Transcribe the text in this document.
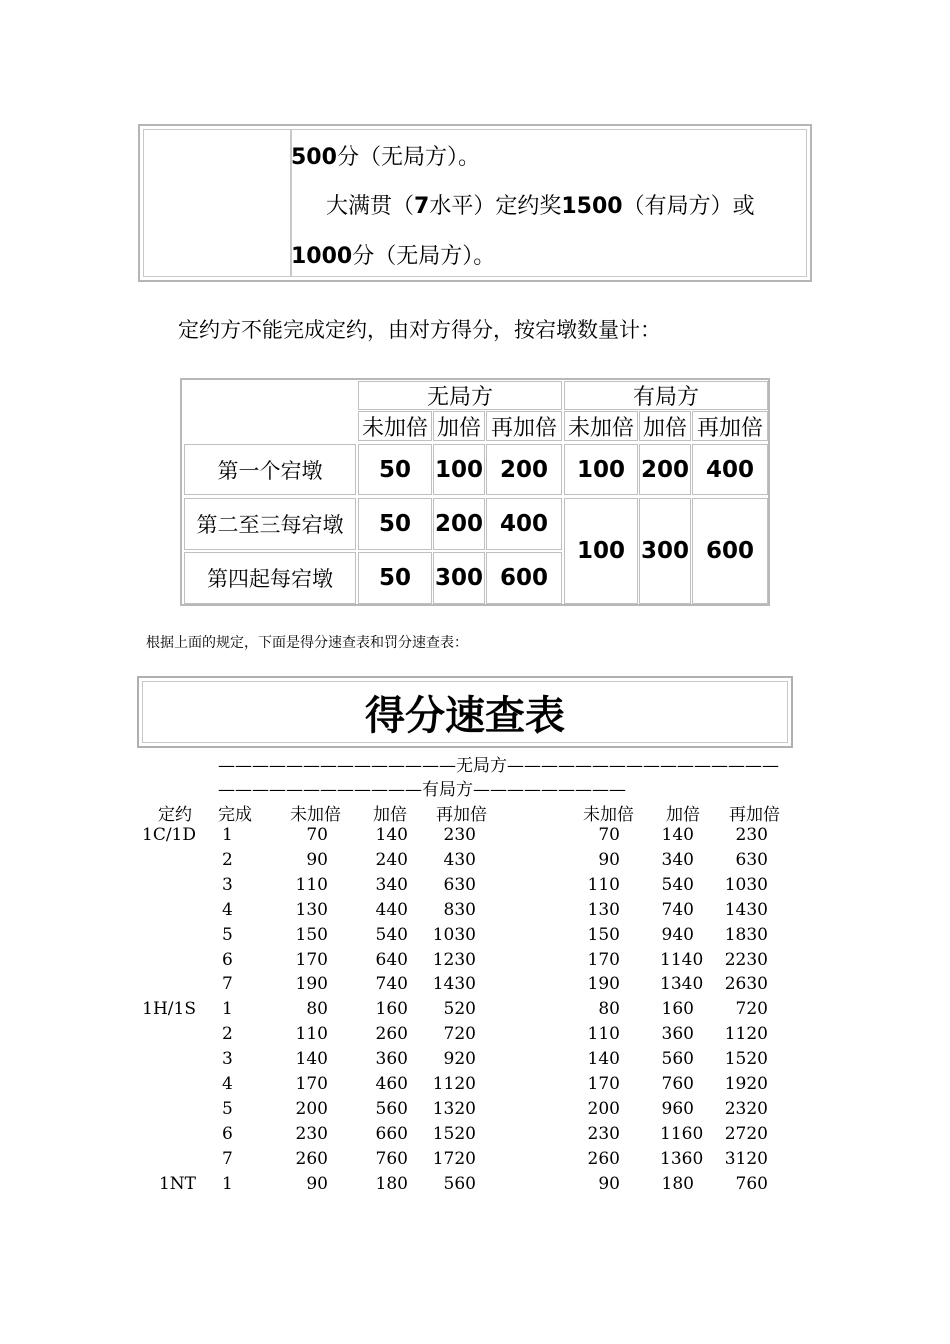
500分（无局方）。
大满贯（7水平）定约奖1500（有局方）或
1000分（无局方）。
定约方不能完成定约，由对方得分，按宕墩数量计：
无局方	有局方
未加倍 加倍 再加倍 未加倍 加倍 再加倍
第一个宕墩	50	100 200	100 200 400
第二至三每宕墩	50	200 400
第四起每宕墩	50	300 600
100 300 600
根据上面的规定，下面是得分速查表和罚分速查表：
得分速查表
——————————————无局方————————————————
————————————有局方—————————
定约 完成	未加倍 加倍 再加倍	未加倍 加倍 再加倍
1C/1D 1	70	140	230	70 140	230
2	90	240	430	90 340	630
3	110	340	630	110 540 1030
4	130	440	830	130 740 1430
5	150	540 1030	150 940 1830
6	170	640 1230	170 1140 2230
7	190	740 1430	190 1340 2630
1H/1S 1	80	160	520	80 160	720
2	110	260	720	110 360 1120
3	140	360	920	140 560 1520
4	170	460 1120	170 760 1920
5	200	560 1320	200 960 2320
6	230	660 1520	230 1160 2720
7	260	760 1720	260 1360 3120
1NT 1	90	180	560	90 180	760
